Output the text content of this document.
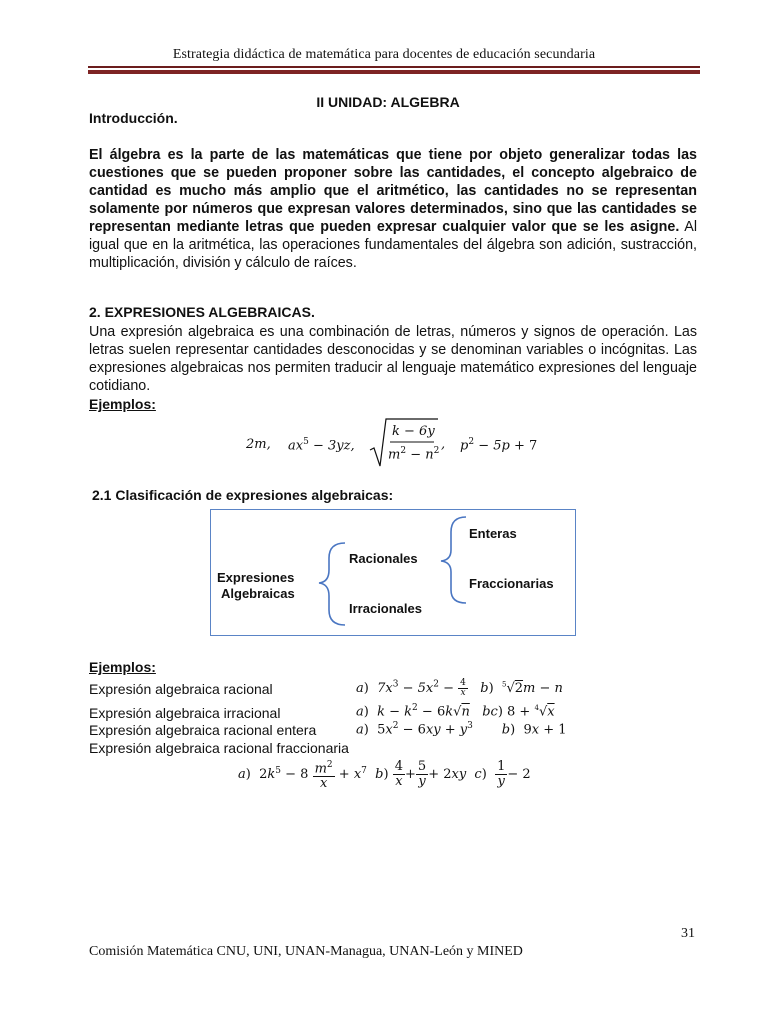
Estrategia didáctica de matemática para docentes de educación secundaria
II UNIDAD: ALGEBRA
Introducción.
El álgebra es la parte de las matemáticas que tiene por objeto generalizar todas las cuestiones que se pueden proponer sobre las cantidades, el concepto algebraico de cantidad es mucho más amplio que el aritmético, las cantidades no se representan solamente por números que expresan valores determinados, sino que las cantidades se representan mediante letras que pueden expresar cualquier valor que se les asigne. Al igual que en la aritmética, las operaciones fundamentales del álgebra son adición, sustracción, multiplicación, división y cálculo de raíces.
2. EXPRESIONES ALGEBRAICAS.
Una expresión algebraica es una combinación de letras, números y signos de operación. Las letras suelen representar cantidades desconocidas y se denominan variables o incógnitas. Las expresiones algebraicas nos permiten traducir al lenguaje matemático expresiones del lenguaje cotidiano.
Ejemplos:
2m, $ax^5 - 3yz$,
k − 6y
$m^2 - n^2$ , $p^2 - 5p + 7$
2.1 Clasificación de expresiones algebraicas:
Expresiones
Algebraicas
Racionales
Irracionales
Enteras
Fraccionarias
Ejemplos:
Expresión algebraica racional	a)  $7x^3 - 5x^2 - \frac{4}{x} b$) $^5$√2m − n
Expresión algebraica irracional	a)  $k - k^2 - 6k√n$   bc) 8 + $^4$√x
Expresión algebraica racional entera	a) $5x^2 - 6xy + y^3$       b) 9x + 1
Expresión algebraica racional fraccionaria
a) $2k^5 - 8 \frac{m^2}{x} + x^7$  $b) \frac{4}{x} + \frac{5}{y} + 2xy$  $c) \frac{1}{y} - 2$
31
Comisión Matemática CNU, UNI, UNAN-Managua, UNAN-León y MINED
